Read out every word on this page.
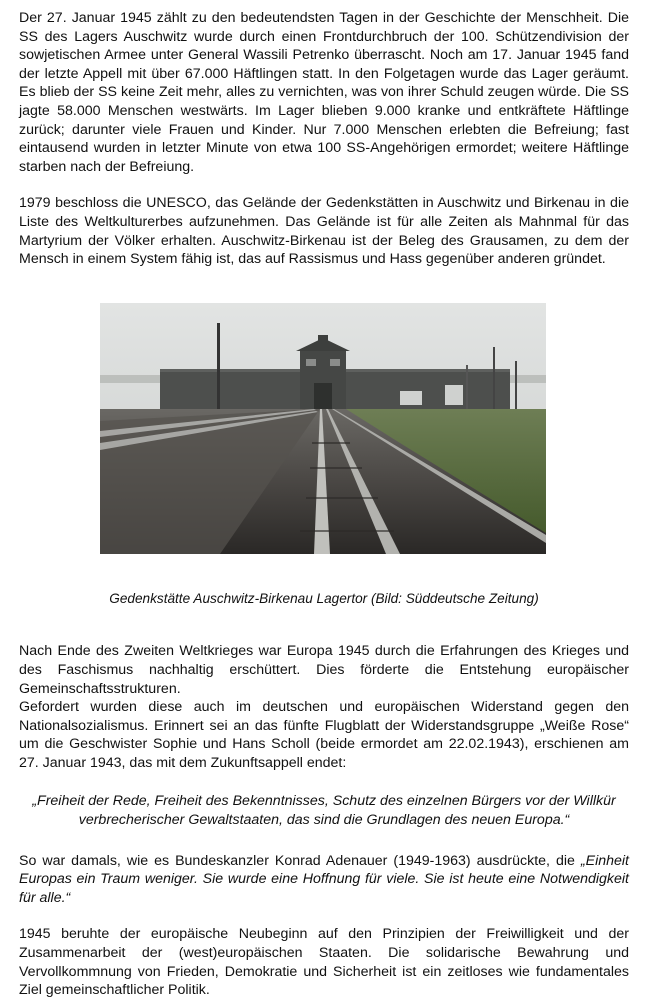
Der 27. Januar 1945 zählt zu den bedeutendsten Tagen in der Geschichte der Menschheit. Die SS des Lagers Auschwitz wurde durch einen Frontdurchbruch der 100. Schützendivision der sowjetischen Armee unter General Wassili Petrenko überrascht. Noch am 17. Januar 1945 fand der letzte Appell mit über 67.000 Häftlingen statt. In den Folgetagen wurde das Lager geräumt. Es blieb der SS keine Zeit mehr, alles zu vernichten, was von ihrer Schuld zeugen würde. Die SS jagte 58.000 Menschen westwärts. Im Lager blieben 9.000 kranke und entkräftete Häftlinge zurück; darunter viele Frauen und Kinder. Nur 7.000 Menschen erlebten die Befreiung; fast eintausend wurden in letzter Minute von etwa 100 SS-Angehörigen ermordet; weitere Häftlinge starben nach der Befreiung.

1979 beschloss die UNESCO, das Gelände der Gedenkstätten in Auschwitz und Birkenau in die Liste des Weltkulturerbes aufzunehmen. Das Gelände ist für alle Zeiten als Mahnmal für das Martyrium der Völker erhalten. Auschwitz-Birkenau ist der Beleg des Grausamen, zu dem der Mensch in einem System fähig ist, das auf Rassismus und Hass gegenüber anderen gründet.

Gedenkstätte Auschwitz-Birkenau Lagertor (Bild: Süddeutsche Zeitung)

Nach Ende des Zweiten Weltkrieges war Europa 1945 durch die Erfahrungen des Krieges und des Faschismus nachhaltig erschüttert. Dies förderte die Entstehung europäischer Gemeinschaftsstrukturen.

Gefordert wurden diese auch im deutschen und europäischen Widerstand gegen den Nationalsozialismus. Erinnert sei an das fünfte Flugblatt der Widerstandsgruppe „Weiße Rose“ um die Geschwister Sophie und Hans Scholl (beide ermordet am 22.02.1943), erschienen am 27. Januar 1943, das mit dem Zukunftsappell endet:

„Freiheit der Rede, Freiheit des Bekenntnisses, Schutz des einzelnen Bürgers vor der Willkür verbrecherischer Gewaltstaaten, das sind die Grundlagen des neuen Europa.“

So war damals, wie es Bundeskanzler Konrad Adenauer (1949-1963) ausdrückte, die „Einheit Europas ein Traum weniger. Sie wurde eine Hoffnung für viele. Sie ist heute eine Notwendigkeit für alle.“

1945 beruhte der europäische Neubeginn auf den Prinzipien der Freiwilligkeit und der Zusammenarbeit der (west)europäischen Staaten. Die solidarische Bewahrung und Vervollkommnung von Frieden, Demokratie und Sicherheit ist ein zeitloses wie fundamentales Ziel gemeinschaftlicher Politik.
